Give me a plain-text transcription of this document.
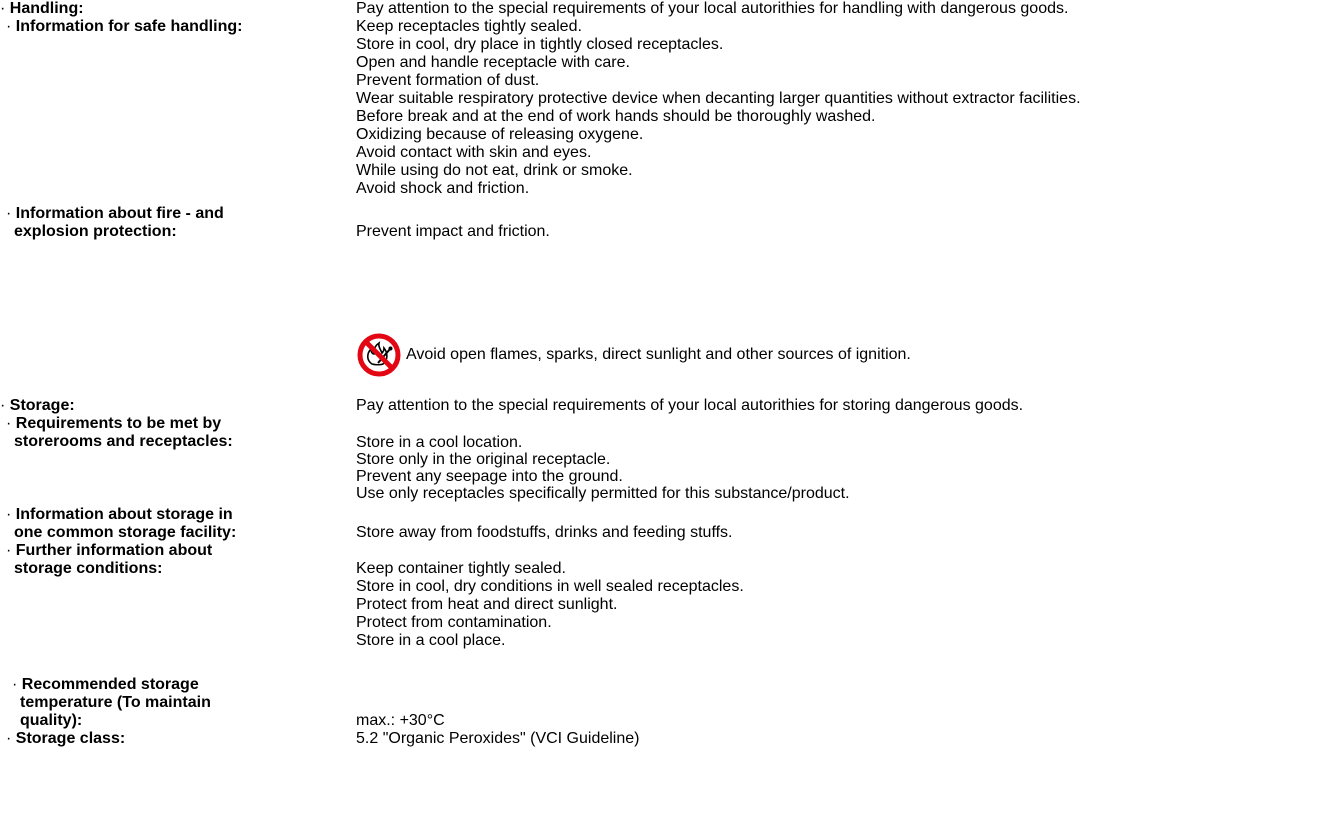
· Handling:	Pay attention to the special requirements of your local autorithies for handling with dangerous goods.
· Information for safe handling:	Keep receptacles tightly sealed.
Store in cool, dry place in tightly closed receptacles.
Open and handle receptacle with care.
Prevent formation of dust.
Wear suitable respiratory protective device when decanting larger quantities without extractor facilities.
Before break and at the end of work hands should be thoroughly washed.
Oxidizing because of releasing oxygene.
Avoid contact with skin and eyes.
While using do not eat, drink or smoke.
Avoid shock and friction.
· Information about fire - and
explosion protection:	Prevent impact and friction.
Avoid open flames, sparks, direct sunlight and other sources of ignition.
· Storage:	Pay attention to the special requirements of your local autorithies for storing dangerous goods.
· Requirements to be met by
storerooms and receptacles:	Store in a cool location.
Store only in the original receptacle.
Prevent any seepage into the ground.
Use only receptacles specifically permitted for this substance/product.
· Information about storage in
one common storage facility:	Store away from foodstuffs, drinks and feeding stuffs.
· Further information about
storage conditions:	Keep container tightly sealed.
Store in cool, dry conditions in well sealed receptacles.
Protect from heat and direct sunlight.
Protect from contamination.
Store in a cool place.
· Recommended storage
temperature (To maintain
quality):	max.: +30°C
· Storage class:	5.2 "Organic Peroxides" (VCI Guideline)
